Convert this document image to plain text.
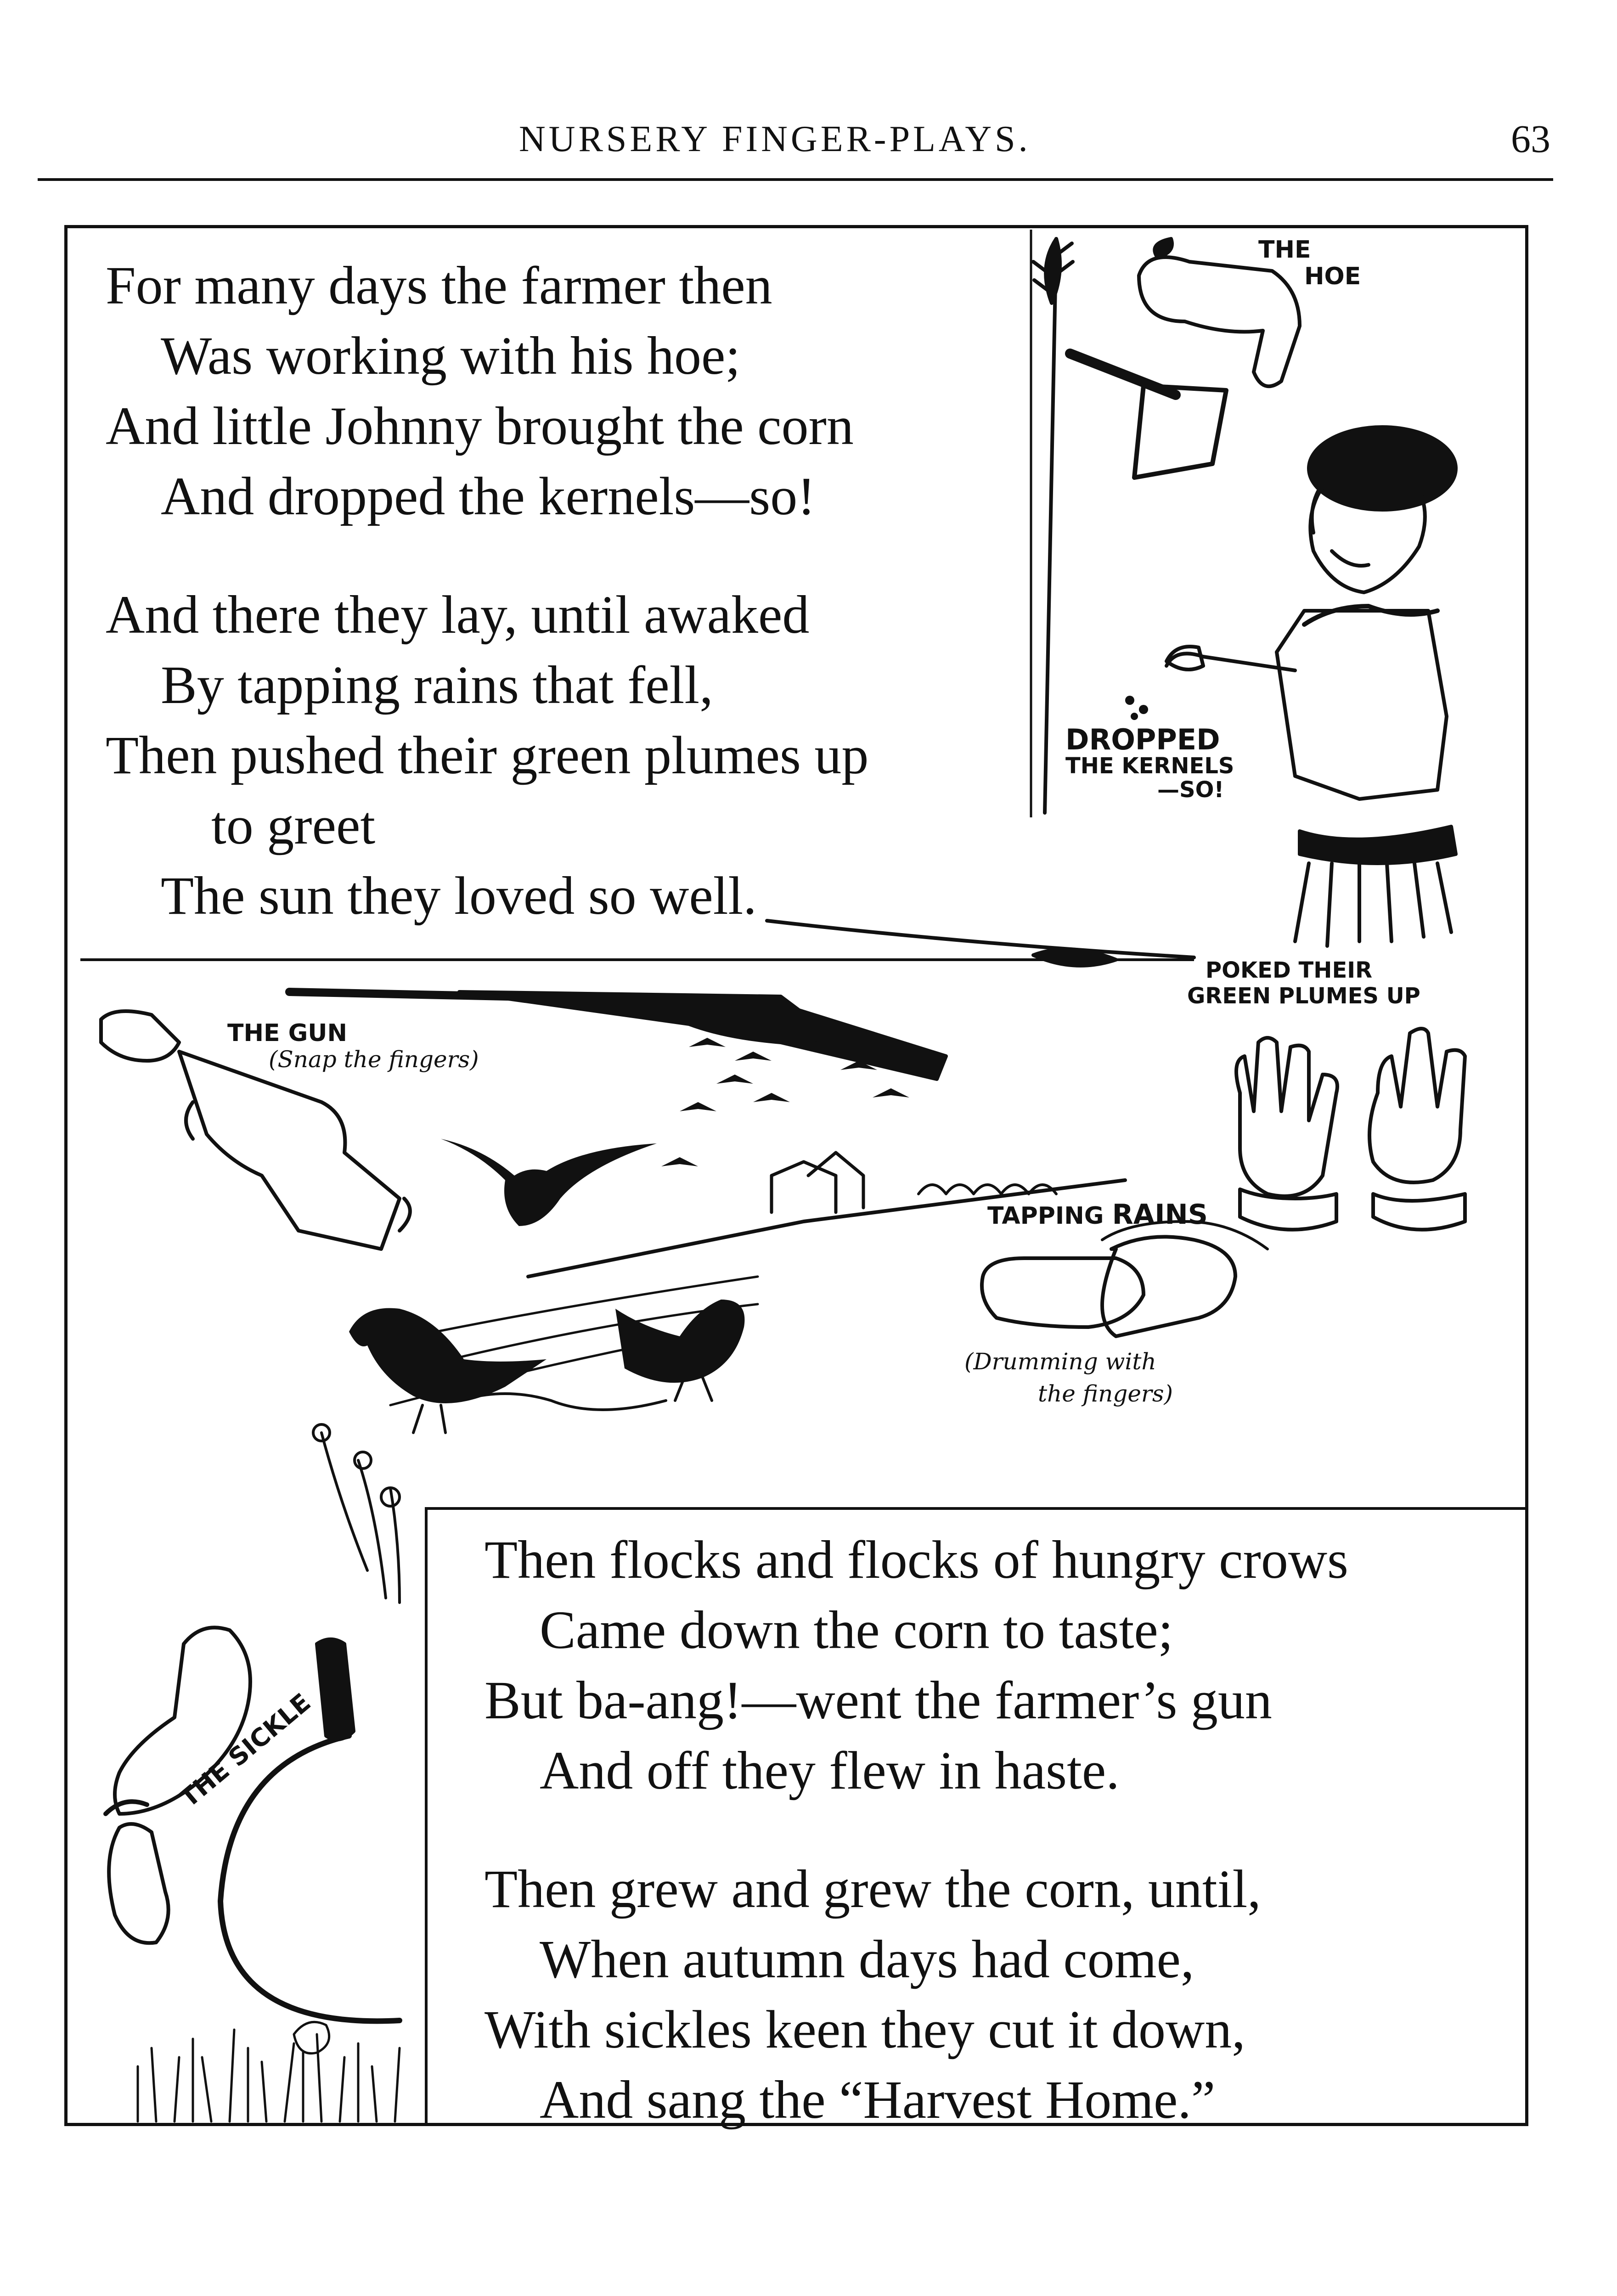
NURSERY FINGER-PLAYS.	63
For many days the farmer then
Was working with his hoe;
And little Johnny brought the corn
And dropped the kernels—so!
And there they lay, until awaked
By tapping rains that fell,
Then pushed their green plumes up
to greet
The sun they loved so well.
Then flocks and flocks of hungry crows
Came down the corn to taste;
But ba-ang!—went the farmer’s gun
And off they flew in haste.
Then grew and grew the corn, until,
When autumn days had come,
With sickles keen they cut it down,
And sang the “Harvest Home.”
THE
HOE
DROPPED
THE KERNELS
—SO!
POKED THEIR
GREEN PLUMES UP
THE GUN
(Snap the fingers)
TAPPING RAINS
(Drumming with
the fingers)
THE SICKLE
